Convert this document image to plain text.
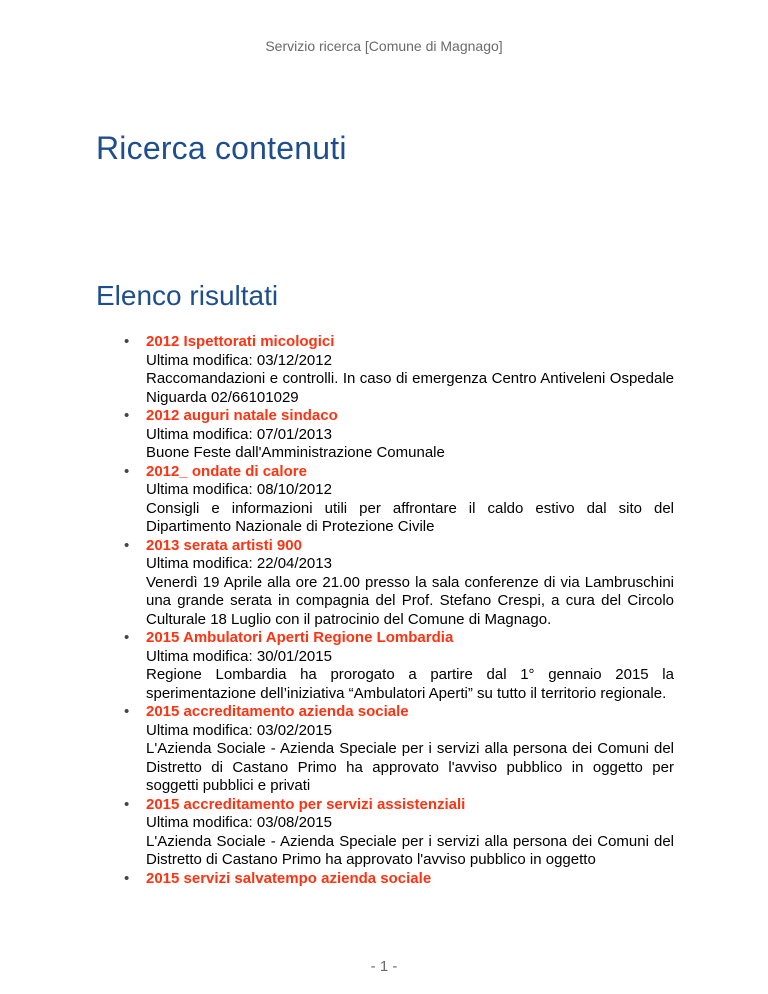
Servizio ricerca [Comune di Magnago]
Ricerca contenuti
Elenco risultati
• 2012 Ispettorati micologici
Ultima modifica: 03/12/2012
Raccomandazioni e controlli. In caso di emergenza Centro Antiveleni Ospedale Niguarda 02/66101029
• 2012 auguri natale sindaco
Ultima modifica: 07/01/2013
Buone Feste dall'Amministrazione Comunale
• 2012_ ondate di calore
Ultima modifica: 08/10/2012
Consigli e informazioni utili per affrontare il caldo estivo dal sito del Dipartimento Nazionale di Protezione Civile
• 2013 serata artisti 900
Ultima modifica: 22/04/2013
Venerdì 19 Aprile alla ore 21.00 presso la sala conferenze di via Lambruschini una grande serata in compagnia del Prof. Stefano Crespi, a cura del Circolo Culturale 18 Luglio con il patrocinio del Comune di Magnago.
• 2015 Ambulatori Aperti Regione Lombardia
Ultima modifica: 30/01/2015
Regione Lombardia ha prorogato a partire dal 1° gennaio 2015 la sperimentazione dell’iniziativa “Ambulatori Aperti” su tutto il territorio regionale.
• 2015 accreditamento azienda sociale
Ultima modifica: 03/02/2015
L'Azienda Sociale - Azienda Speciale per i servizi alla persona dei Comuni del Distretto di Castano Primo ha approvato l'avviso pubblico in oggetto per soggetti pubblici e privati
• 2015 accreditamento per servizi assistenziali
Ultima modifica: 03/08/2015
L'Azienda Sociale - Azienda Speciale per i servizi alla persona dei Comuni del Distretto di Castano Primo ha approvato l'avviso pubblico in oggetto
• 2015 servizi salvatempo azienda sociale
- 1 -
